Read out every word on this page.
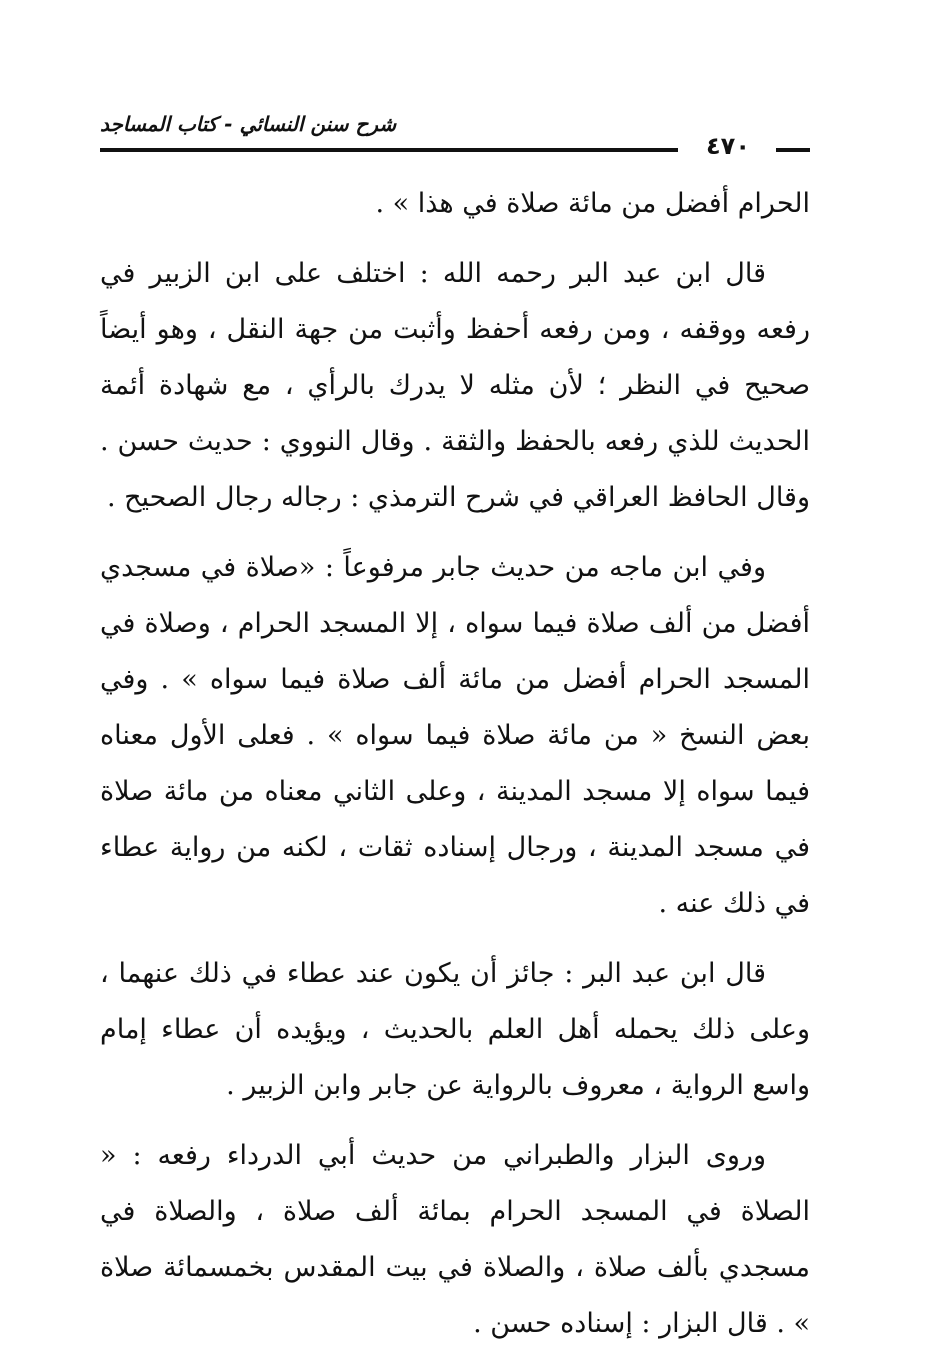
شرح سنن النسائي - كتاب المساجد
٤٧٠

الحرام أفضل من مائة صلاة في هذا » .

قال ابن عبد البر رحمه الله : اختلف على ابن الزبير في رفعه ووقفه ، ومن رفعه أحفظ وأثبت من جهة النقل ، وهو أيضاً صحيح في النظر ؛ لأن مثله لا يدرك بالرأي ، مع شهادة أئمة الحديث للذي رفعه بالحفظ والثقة . وقال النووي : حديث حسن . وقال الحافظ العراقي في شرح الترمذي : رجاله رجال الصحيح .

وفي ابن ماجه من حديث جابر مرفوعاً : «صلاة في مسجدي أفضل من ألف صلاة فيما سواه ، إلا المسجد الحرام ، وصلاة في المسجد الحرام أفضل من مائة ألف صلاة فيما سواه » . وفي بعض النسخ « من مائة صلاة فيما سواه » . فعلى الأول معناه فيما سواه إلا مسجد المدينة ، وعلى الثاني معناه من مائة صلاة في مسجد المدينة ، ورجال إسناده ثقات ، لكنه من رواية عطاء في ذلك عنه .

قال ابن عبد البر : جائز أن يكون عند عطاء في ذلك عنهما ، وعلى ذلك يحمله أهل العلم بالحديث ، ويؤيده أن عطاء إمام واسع الرواية ، معروف بالرواية عن جابر وابن الزبير .

وروى البزار والطبراني من حديث أبي الدرداء رفعه : « الصلاة في المسجد الحرام بمائة ألف صلاة ، والصلاة في مسجدي بألف صلاة ، والصلاة في بيت المقدس بخمسمائة صلاة » . قال البزار : إسناده حسن .
